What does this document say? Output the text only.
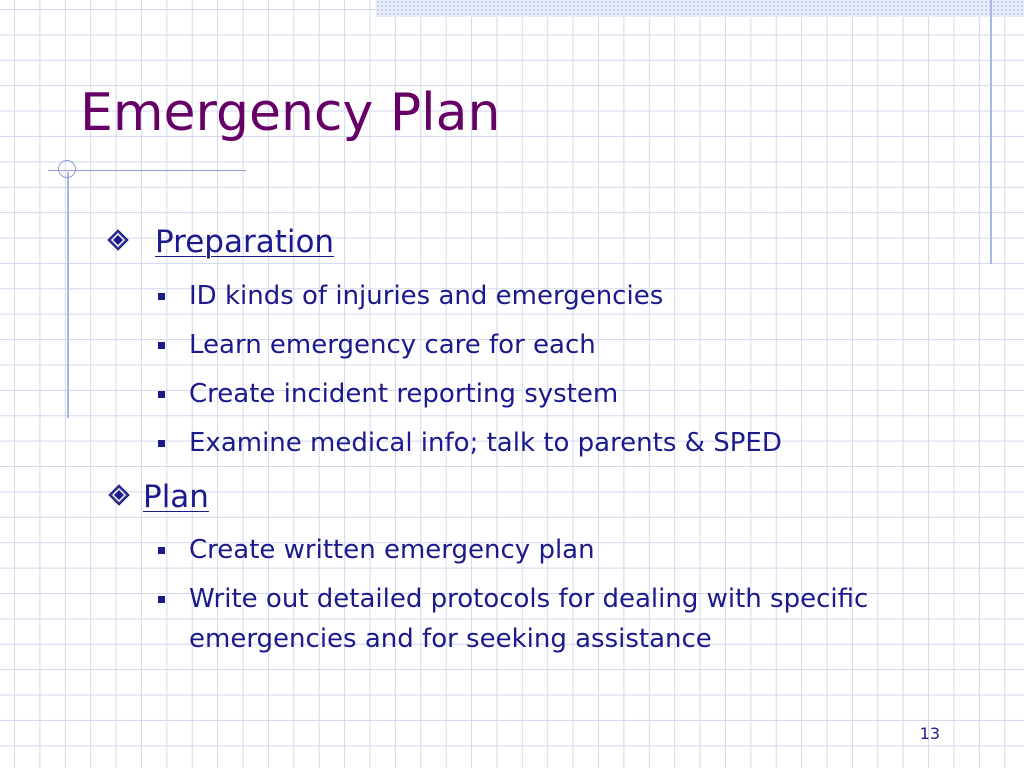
Emergency Plan
Preparation
ID kinds of injuries and emergencies
Learn emergency care for each
Create incident reporting system
Examine medical info; talk to parents & SPED
Plan
Create written emergency plan
Write out detailed protocols for dealing with specific emergencies and for seeking assistance
13
